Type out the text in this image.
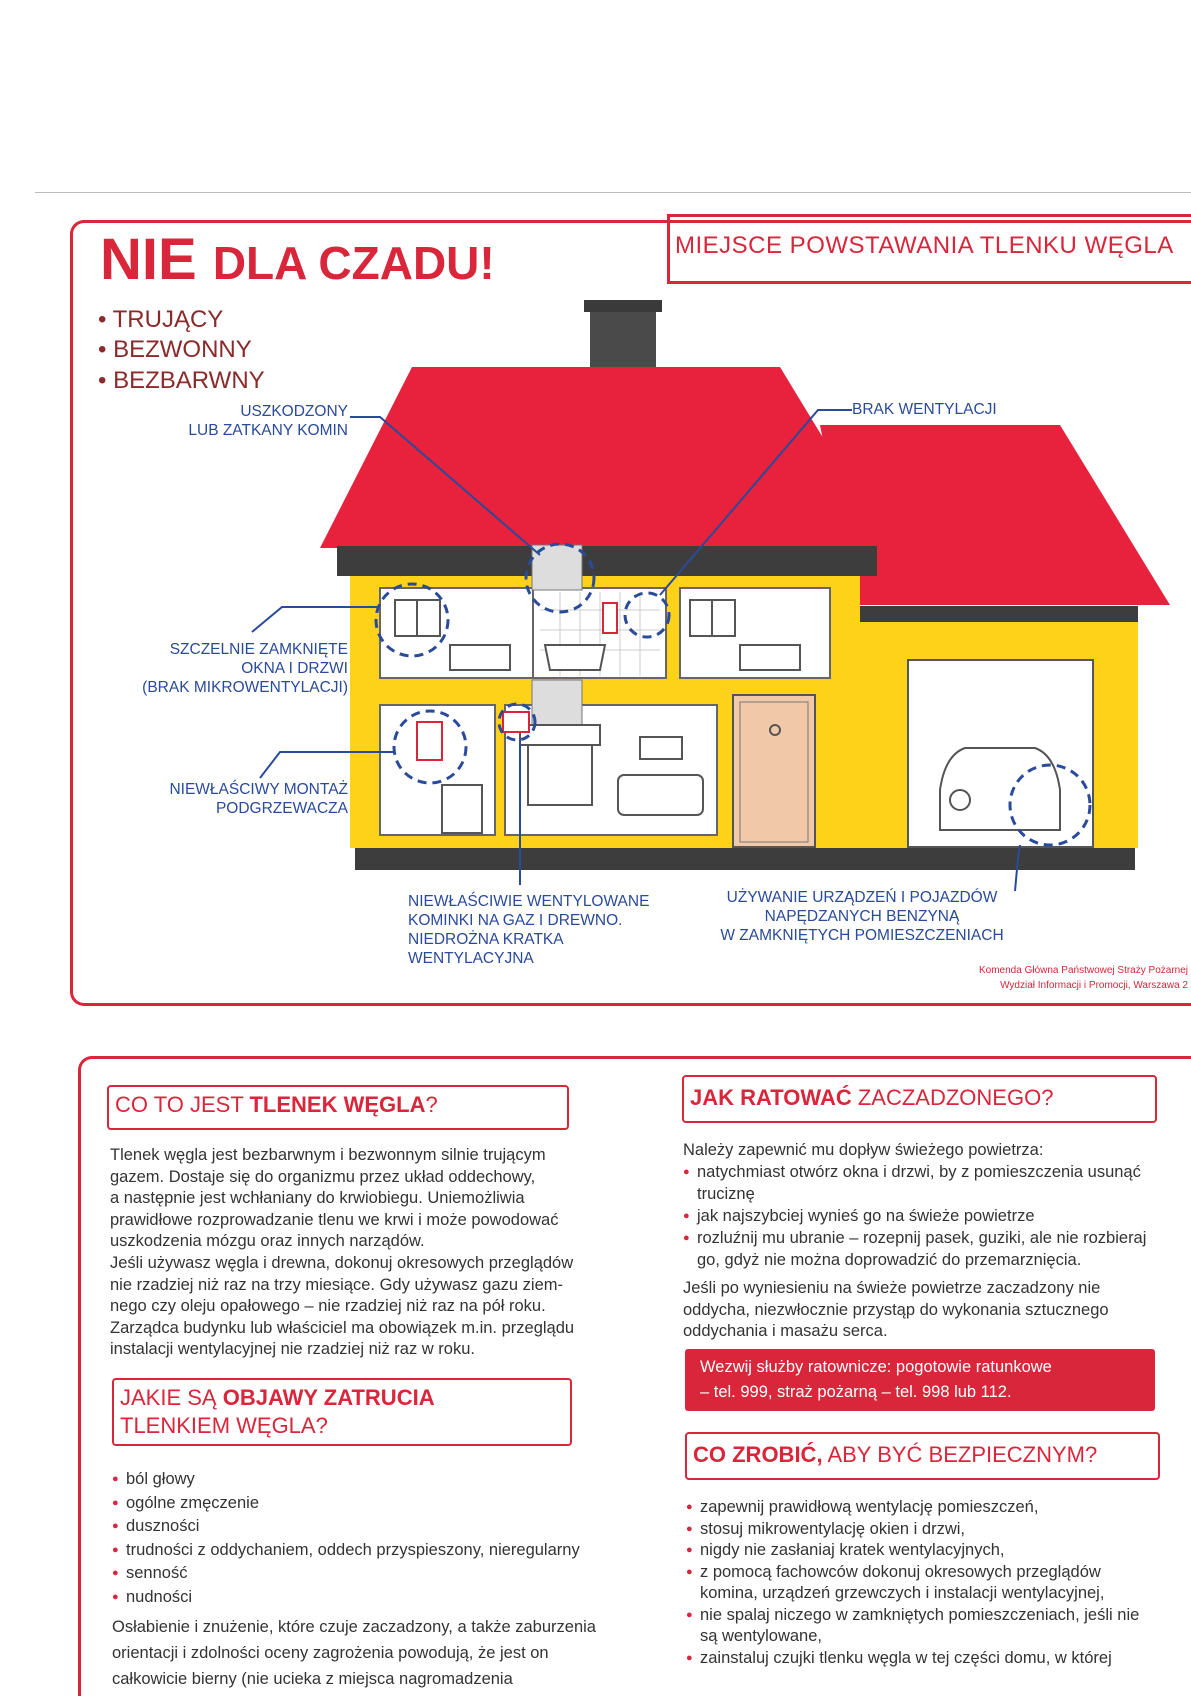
NIE DLA CZADU!	MIEJSCE POWSTAWANIA TLENKU WĘGLA
• TRUJĄCY
• BEZWONNY
• BEZBARWNY
USZKODZONY
LUB ZATKANY KOMIN
BRAK WENTYLACJI
SZCZELNIE ZAMKNIĘTE
OKNA I DRZWI
(BRAK MIKROWENTYLACJI)
NIEWŁAŚCIWY MONTAŻ
PODGRZEWACZA
NIEWŁAŚCIWIE WENTYLOWANE
KOMINKI NA GAZ I DREWNO.
NIEDROŻNA KRATKA
WENTYLACYJNA
UŻYWANIE URZĄDZEŃ I POJAZDÓW
NAPĘDZANYCH BENZYNĄ
W ZAMKNIĘTYCH POMIESZCZENIACH
Komenda Główna Państwowej Straży Pożarnej
Wydział Informacji i Promocji, Warszawa 2
CO TO JEST TLENEK WĘGLA?
Tlenek węgla jest bezbarwnym i bezwonnym silnie trującym
gazem. Dostaje się do organizmu przez układ oddechowy,
a następnie jest wchłaniany do krwiobiegu. Uniemożliwia
prawidłowe rozprowadzanie tlenu we krwi i może powodować
uszkodzenia mózgu oraz innych narządów.
Jeśli używasz węgla i drewna, dokonuj okresowych przeglądów
nie rzadziej niż raz na trzy miesiące. Gdy używasz gazu ziem-
nego czy oleju opałowego – nie rzadziej niż raz na pół roku.
Zarządca budynku lub właściciel ma obowiązek m.in. przeglądu
instalacji wentylacyjnej nie rzadziej niż raz w roku.
JAKIE SĄ OBJAWY ZATRUCIA
TLENKIEM WĘGLA?
● ból głowy
● ogólne zmęczenie
● duszności
● trudności z oddychaniem, oddech przyspieszony, nieregularny
● senność
● nudności
Osłabienie i znużenie, które czuje zaczadzony, a także zaburzenia
orientacji i zdolności oceny zagrożenia powodują, że jest on
całkowicie bierny (nie ucieka z miejsca nagromadzenia
JAK RATOWAĆ ZACZADZONEGO?
Należy zapewnić mu dopływ świeżego powietrza:
● natychmiast otwórz okna i drzwi, by z pomieszczenia usunąć
truciznę
● jak najszybciej wynieś go na świeże powietrze
● rozluźnij mu ubranie – rozepnij pasek, guziki, ale nie rozbieraj
go, gdyż nie można doprowadzić do przemarznięcia.
Jeśli po wyniesieniu na świeże powietrze zaczadzony nie
oddycha, niezwłocznie przystąp do wykonania sztucznego
oddychania i masażu serca.
Wezwij służby ratownicze: pogotowie ratunkowe
– tel. 999, straż pożarną – tel. 998 lub 112.
CO ZROBIĆ, ABY BYĆ BEZPIECZNYM?
● zapewnij prawidłową wentylację pomieszczeń,
● stosuj mikrowentylację okien i drzwi,
● nigdy nie zasłaniaj kratek wentylacyjnych,
● z pomocą fachowców dokonuj okresowych przeglądów
komina, urządzeń grzewczych i instalacji wentylacyjnej,
● nie spalaj niczego w zamkniętych pomieszczeniach, jeśli nie
są wentylowane,
● zainstaluj czujki tlenku węgla w tej części domu, w której
